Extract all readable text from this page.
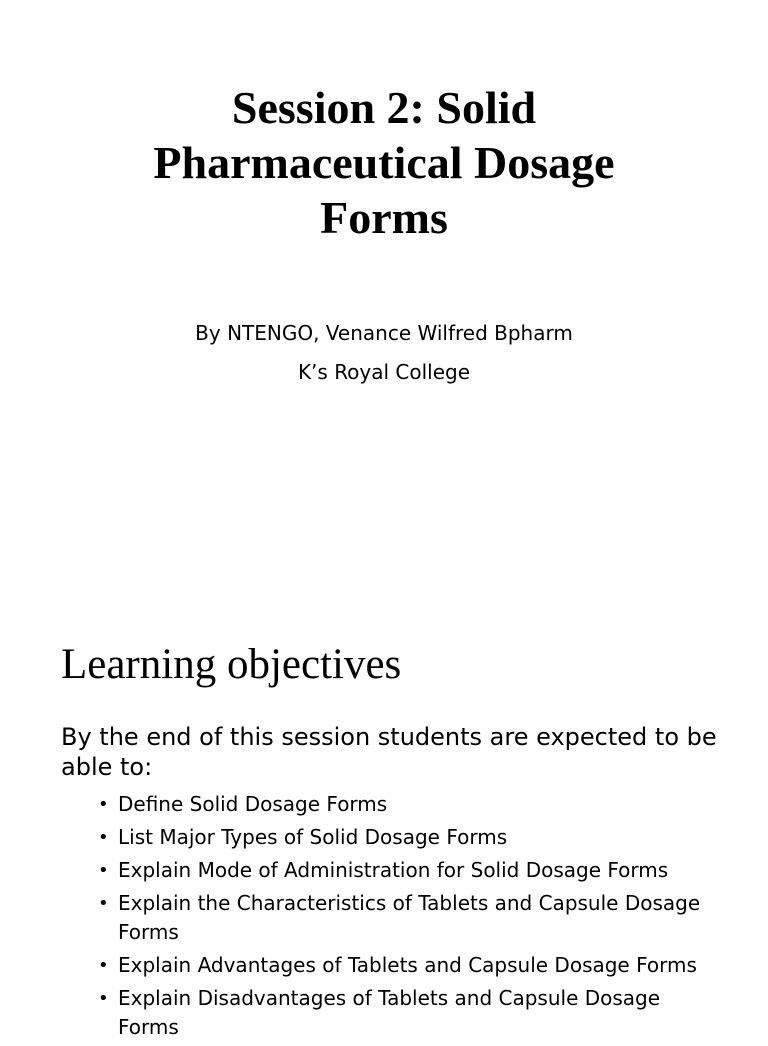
Session 2: Solid Pharmaceutical Dosage Forms
By NTENGO, Venance Wilfred Bpharm
K’s Royal College
Learning objectives
By the end of this session students are expected to be able to:
• Define Solid Dosage Forms
• List Major Types of Solid Dosage Forms
• Explain Mode of Administration for Solid Dosage Forms
• Explain the Characteristics of Tablets and Capsule Dosage Forms
• Explain Advantages of Tablets and Capsule Dosage Forms
• Explain Disadvantages of Tablets and Capsule Dosage Forms
